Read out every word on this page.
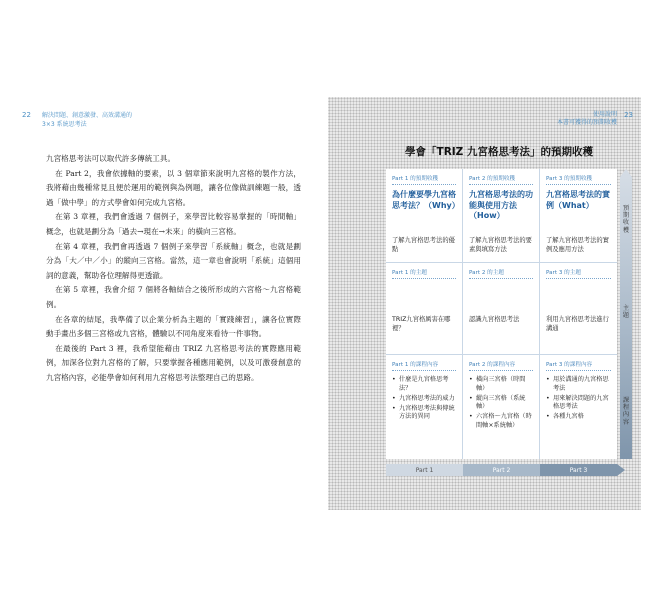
22 解決問題、創意激發、高效溝通的
3×3 系統思考法

九宮格思考法可以取代許多傳統工具。

在 Part 2，我會依據軸的要素，以 3 個章節來說明九宮格的製作方法，我將藉由幾種常見且便於運用的範例與為例題，讓各位像做訓練題一般，透過「做中學」的方式學會如何完成九宮格。

在第 3 章裡，我們會透過 7 個例子，來學習比較容易掌握的「時間軸」概念，也就是劃分為「過去→現在→未來」的橫向三宮格。

在第 4 章裡，我們會再透過 7 個例子來學習「系統軸」概念，也就是劃分為「大／中／小」的縱向三宮格。當然，這一章也會說明「系統」這個用詞的意義，幫助各位理解得更透澈。

在第 5 章裡，我會介紹 7 個將各軸結合之後所形成的六宮格～九宮格範例。

在各章的結尾，我準備了以企業分析為主題的「實踐練習」，讓各位實際動手畫出多個三宮格或九宮格，體驗以不同角度來看待一件事物。

在最後的 Part 3 裡，我希望能藉由 TRIZ 九宮格思考法的實際應用範例，加深各位對九宮格的了解，只要掌握各種應用範例，以及可激發創意的九宮格內容，必能學會如何利用九宮格思考法整理自己的思路。

23
使用說明
本書可獲得的預期收穫
學會「TRIZ 九宮格思考法」的預期收穫
Part 1 的預期收穫
為什麼要學九宮格思考法？（Why）
了解九宮格思考法的優點
Part 2 的預期收穫
九宮格思考法的功能與使用方法（How）
了解九宮格思考法的要素與填寫方法
Part 3 的預期收穫
九宮格思考法的實例（What）
了解九宮格思考法的實例及應用方法
Part 1 的主題
TRIZ九宮格厲害在哪裡？
Part 2 的主題
認識九宮格思考法
Part 3 的主題
利用九宮格思考法進行溝通
Part 1 的課程內容
• 什麼是九宮格思考法？
• 九宮格思考法的威力
• 九宮格思考法與傳統方法的異同
Part 2 的課程內容
• 橫向三宮格（時間軸）
• 縱向三宮格（系統軸）
• 六宮格～九宮格（時間軸×系統軸）
Part 3 的課程內容
• 用於溝通的九宮格思考法
• 用來解決問題的九宮格思考法
• 各種九宮格
Part 1	Part 2	Part 3
預期收穫
主題
課程內容
